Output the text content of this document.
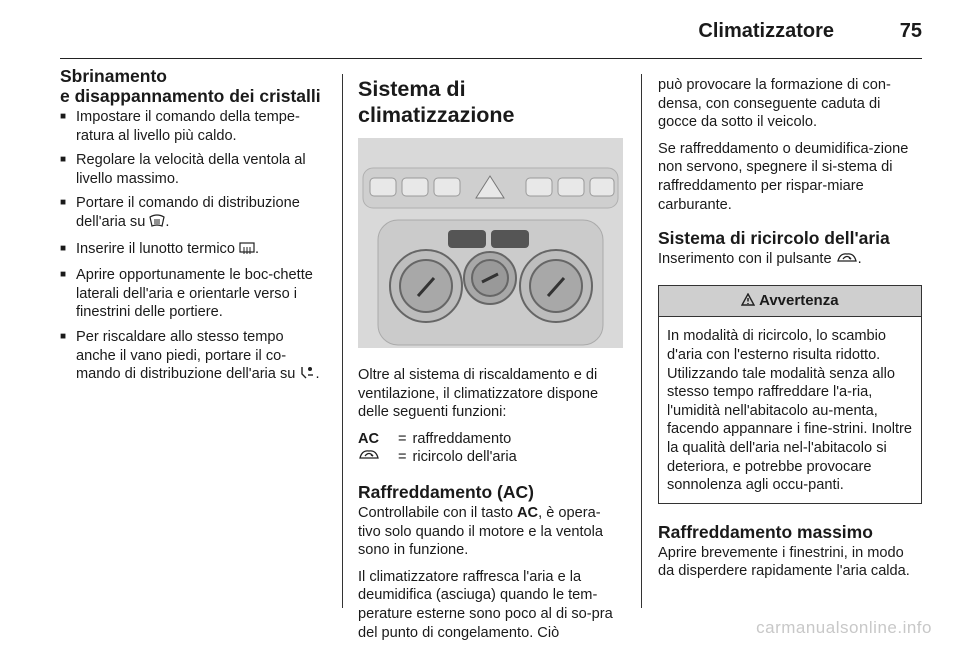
Climatizzatore	75
Sbrinamento
e disappannamento dei cristalli
■ Impostare il comando della tempe-ratura al livello più caldo.
■ Regolare la velocità della ventola al livello massimo.
■ Portare il comando di distribuzione dell'aria su .
■ Inserire il lunotto termico .
■ Aprire opportunamente le boc-chette laterali dell'aria e orientarle verso i finestrini delle portiere.
■ Per riscaldare allo stesso tempo anche il vano piedi, portare il co-mando di distribuzione dell'aria su .
Sistema di climatizzazione

Oltre al sistema di riscaldamento e di ventilazione, il climatizzatore dispone delle seguenti funzioni:

AC	=	raffreddamento
	=	ricircolo dell'aria
Raffreddamento (AC)

Controllabile con il tasto AC, è opera-tivo solo quando il motore e la ventola sono in funzione.

Il climatizzatore raffresca l'aria e la deumidifica (asciuga) quando le tem-perature esterne sono poco al di so-pra del punto di congelamento. Ciò

può provocare la formazione di con-densa, con conseguente caduta di gocce da sotto il veicolo.

Se raffreddamento o deumidifica-zione non servono, spegnere il si-stema di raffreddamento per rispar-miare carburante.

Sistema di ricircolo dell'aria

Inserimento con il pulsante .

Avvertenza
In modalità di ricircolo, lo scambio d'aria con l'esterno risulta ridotto. Utilizzando tale modalità senza allo stesso tempo raffreddare l'a-ria, l'umidità nell'abitacolo au-menta, facendo appannare i fine-strini. Inoltre la qualità dell'aria nel-l'abitacolo si deteriora, e potrebbe provocare sonnolenza agli occu-panti.
Raffreddamento massimo

Aprire brevemente i finestrini, in modo da disperdere rapidamente l'aria calda.

carmanualsonline.info
